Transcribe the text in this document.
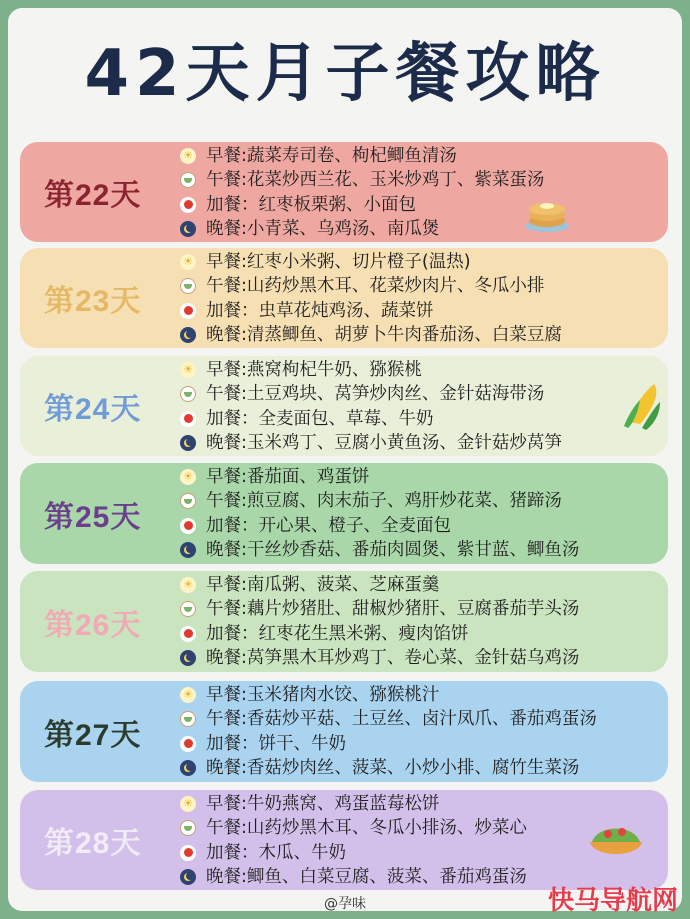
42天月子餐攻略
第22天
☀ 早餐:蔬菜寿司卷、枸杞鲫鱼清汤
午餐:花菜炒西兰花、玉米炒鸡丁、紫菜蛋汤
加餐：红枣板栗粥、小面包
晚餐:小青菜、乌鸡汤、南瓜煲
第23天
☀ 早餐:红枣小米粥、切片橙子(温热)
午餐:山药炒黑木耳、花菜炒肉片、冬瓜小排
加餐：虫草花炖鸡汤、蔬菜饼
晚餐:清蒸鲫鱼、胡萝卜牛肉番茄汤、白菜豆腐
第24天
☀ 早餐:燕窝枸杞牛奶、猕猴桃
午餐:土豆鸡块、莴笋炒肉丝、金针菇海带汤
加餐：全麦面包、草莓、牛奶
晚餐:玉米鸡丁、豆腐小黄鱼汤、金针菇炒莴笋
第25天
☀ 早餐:番茄面、鸡蛋饼
午餐:煎豆腐、肉末茄子、鸡肝炒花菜、猪蹄汤
加餐：开心果、橙子、全麦面包
晚餐:干丝炒香菇、番茄肉圆煲、紫甘蓝、鲫鱼汤
第26天
☀ 早餐:南瓜粥、菠菜、芝麻蛋羹
午餐:藕片炒猪肚、甜椒炒猪肝、豆腐番茄芋头汤
加餐：红枣花生黑米粥、瘦肉馅饼
晚餐:莴笋黑木耳炒鸡丁、卷心菜、金针菇乌鸡汤
第27天
☀ 早餐:玉米猪肉水饺、猕猴桃汁
午餐:香菇炒平菇、土豆丝、卤汁凤爪、番茄鸡蛋汤
加餐：饼干、牛奶
晚餐:香菇炒肉丝、菠菜、小炒小排、腐竹生菜汤
第28天
☀ 早餐:牛奶燕窝、鸡蛋蓝莓松饼
午餐:山药炒黑木耳、冬瓜小排汤、炒菜心
加餐：木瓜、牛奶
晚餐:鲫鱼、白菜豆腐、菠菜、番茄鸡蛋汤
@孕味	快马导航网
